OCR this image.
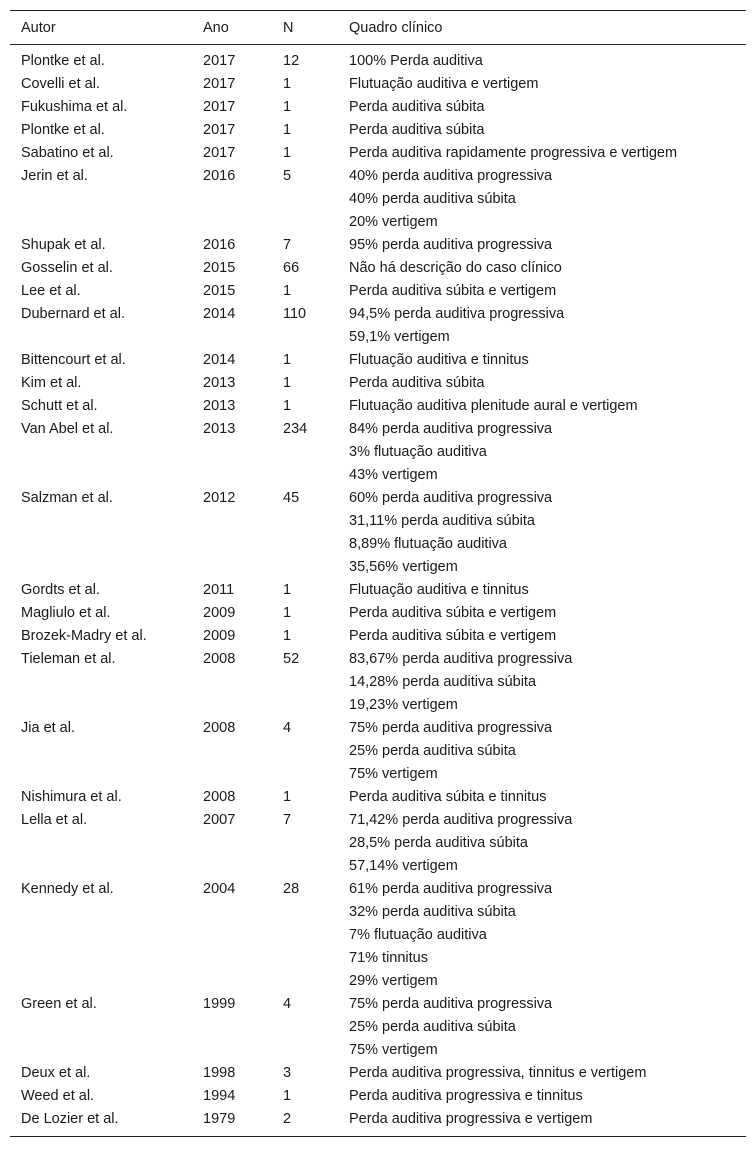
Autor	Ano	N	Quadro clínico
Plontke et al.	2017	12	100% Perda auditiva

Covelli et al.	2017	1	Flutuação auditiva e vertigem

Fukushima et al.	2017	1	Perda auditiva súbita

Plontke et al.	2017	1	Perda auditiva súbita

Sabatino et al.	2017	1	Perda auditiva rapidamente progressiva e vertigem

Jerin et al.	2016	5	40% perda auditiva progressiva
40% perda auditiva súbita
20% vertigem

Shupak et al.	2016	7	95% perda auditiva progressiva

Gosselin et al.	2015	66	Não há descrição do caso clínico

Lee et al.	2015	1	Perda auditiva súbita e vertigem

Dubernard et al.	2014	110	94,5% perda auditiva progressiva
59,1% vertigem

Bittencourt et al.	2014	1	Flutuação auditiva e tinnitus

Kim et al.	2013	1	Perda auditiva súbita

Schutt et al.	2013	1	Flutuação auditiva plenitude aural e vertigem

Van Abel et al.	2013	234	84% perda auditiva progressiva
3% flutuação auditiva
43% vertigem

Salzman et al.	2012	45	60% perda auditiva progressiva
31,11% perda auditiva súbita
8,89% flutuação auditiva
35,56% vertigem

Gordts et al.	2011	1	Flutuação auditiva e tinnitus

Magliulo et al.	2009	1	Perda auditiva súbita e vertigem

Brozek-Madry et al.	2009	1	Perda auditiva súbita e vertigem

Tieleman et al.	2008	52	83,67% perda auditiva progressiva
14,28% perda auditiva súbita
19,23% vertigem

Jia et al.	2008	4	75% perda auditiva progressiva
25% perda auditiva súbita
75% vertigem

Nishimura et al.	2008	1	Perda auditiva súbita e tinnitus

Lella et al.	2007	7	71,42% perda auditiva progressiva
28,5% perda auditiva súbita
57,14% vertigem

Kennedy et al.	2004	28	61% perda auditiva progressiva
32% perda auditiva súbita
7% flutuação auditiva
71% tinnitus
29% vertigem

Green et al.	1999	4	75% perda auditiva progressiva
25% perda auditiva súbita
75% vertigem

Deux et al.	1998	3	Perda auditiva progressiva, tinnitus e vertigem

Weed et al.	1994	1	Perda auditiva progressiva e tinnitus

De Lozier et al.	1979	2	Perda auditiva progressiva e vertigem
